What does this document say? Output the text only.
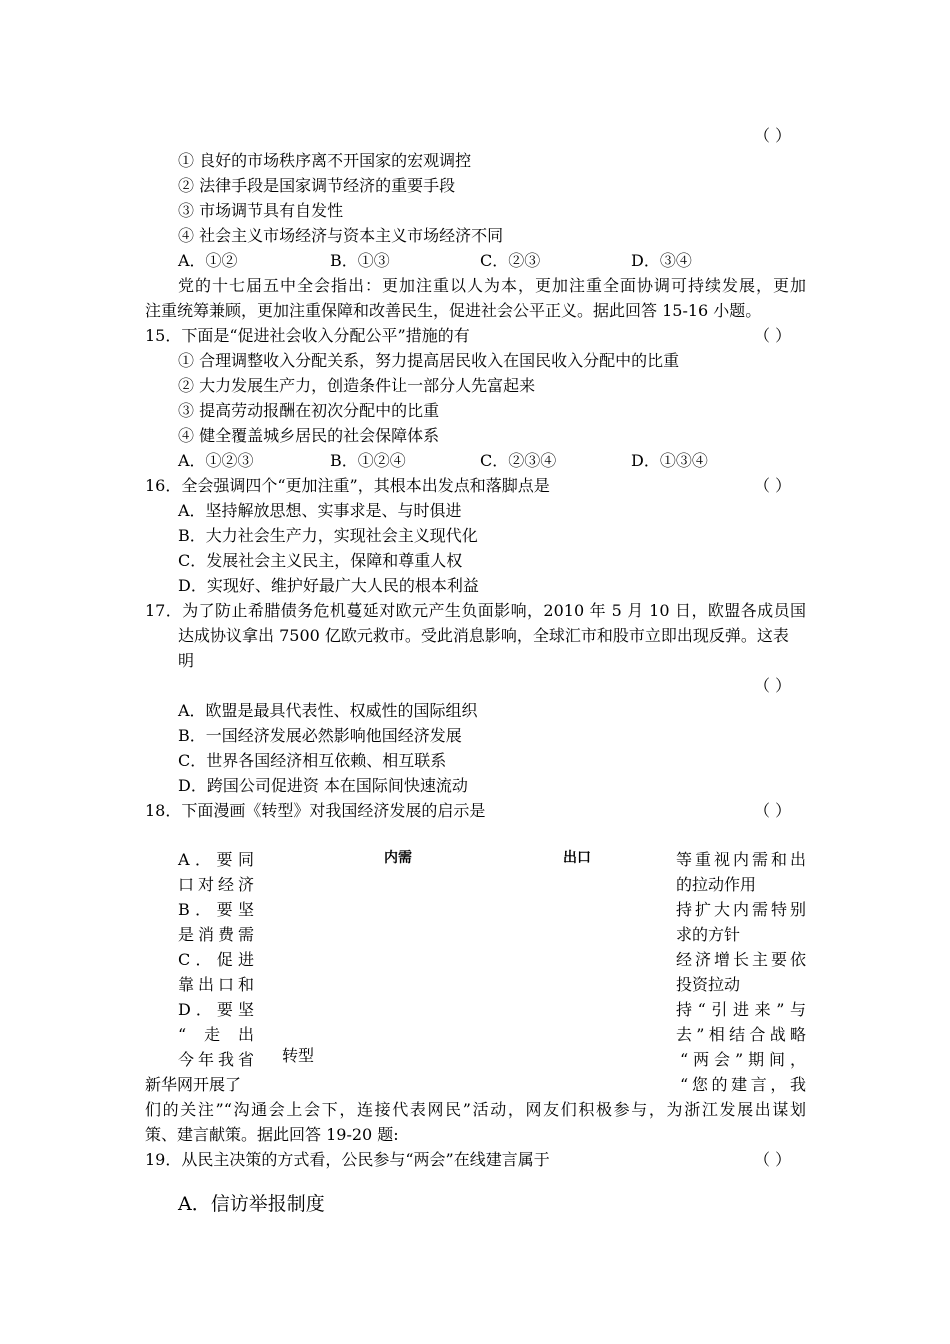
（ ）
① 良好的市场秩序离不开国家的宏观调控
② 法律手段是国家调节经济的重要手段
③ 市场调节具有自发性
④ 社会主义市场经济与资本主义市场经济不同
A．①②	B．①③	C．②③	D．③④
党的十七届五中全会指出：更加注重以人为本，更加注重全面协调可持续发展，更加
注重统筹兼顾，更加注重保障和改善民生，促进社会公平正义。据此回答 15-16 小题。
15．下面是“促进社会收入分配公平”措施的有	（ ）
① 合理调整收入分配关系，努力提高居民收入在国民收入分配中的比重
② 大力发展生产力，创造条件让一部分人先富起来
③ 提高劳动报酬在初次分配中的比重
④ 健全覆盖城乡居民的社会保障体系
A．①②③	B．①②④	C．②③④	D．①③④
16．全会强调四个“更加注重”，其根本出发点和落脚点是	（ ）
A．坚持解放思想、实事求是、与时俱进
B．大力社会生产力，实现社会主义现代化
C．发展社会主义民主，保障和尊重人权
D．实现好、维护好最广大人民的根本利益
17．为了防止希腊债务危机蔓延对欧元产生负面影响，2010 年 5 月 10 日，欧盟各成员国
达成协议拿出 7500 亿欧元救市。受此消息影响，全球汇市和股市立即出现反弹。这表
明
（ ）
A．欧盟是最具代表性、权威性的国际组织
B．一国经济发展必然影响他国经济发展
C．世界各国经济相互依赖、相互联系
D．跨国公司促进资 本在国际间快速流动
18．下面漫画《转型》对我国经济发展的启示是	（ ）
内需	出口
转型
A．要同
口对经济
B．要坚
是消费需
C．促进
靠出口和
D．要坚
“走出
今年我省
新华网开展了
等重视内需和出
的拉动作用
持扩大内需特别
求的方针
经济增长主要依
投资拉动
持“引进来”与
去”相结合战略
“两会”期间，
“您的建言，我
们的关注”“沟通会上会下，连接代表网民”活动，网友们积极参与，为浙江发展出谋划
策、建言献策。据此回答 19-20 题:
19．从民主决策的方式看，公民参与“两会”在线建言属于	（ ）
A．信访举报制度
